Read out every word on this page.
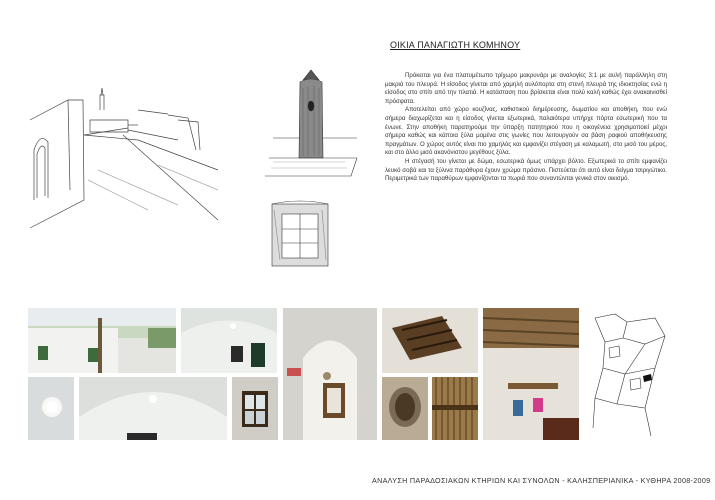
ΟΙΚΙΑ ΠΑΝΑΓΙΩΤΗ ΚΟΜΗΝΟΥ

Πρόκειται για ένα πλατυμέτωπο τρίχωρο μακρυνάρι με αναλογίες 3:1 με αυλή παράλληλη στη μακριά του πλευρά. Η είσοδος γίνεται από χαμηλή αυλόπορτα στη στενή πλευρά της ιδιοκτησίας ενώ η είσοδος στο σπίτι από την πλατιά. Η κατάσταση που βρίσκεται είναι πολύ καλή καθώς έχει ανακαινισθεί πρόσφατα.

Αποτελείται από χώρο κουζίνας, καθιστικού διημέρευσης, δωματίου και αποθήκη, που ενώ σήμερα διαχωρίζεται και η είσοδος γίνεται εξωτερικά, παλαιότερα υπήρχε πόρτα εσωτερική που τα ένωνε. Στην αποθήκη παρατηρούμε την ύπαρξη πατητηριού που η οικογένεια χρησιμοποιεί μέχρι σήμερα καθώς και κάποια ξύλα μομένα στις γωνίες που λειτουργούν σα βάση ραφιού αποθήκευσης πραγμάτων. Ο χώρος αυτός είναι πιο χαμηλός και εμφανίζει στέγαση με καλαμωτή, στο μισό του μέρος, και στο άλλο μισό ακανόνιστου μεγέθους ξύλα.

Η στέγασή του γίνεται με δώμα, εσωτερικά όμως υπάρχει βόλτο. Εξωτερικά το σπίτι εμφανίζει λευκό σοβά και τα ξύλινα παράθυρα έχουν χρώμα πράσινο. Πιστεύεται ότι αυτό είναι δείγμα τσιριγώτικο. Περιμετρικά των παραθύρων εμφανίζονται τα πωριά που συναντώνται γενικά στον οικισμό.

ΑΝΑΛΥΣΗ ΠΑΡΑΔΟΣΙΑΚΩΝ ΚΤΗΡΙΩΝ ΚΑΙ ΣΥΝΟΛΩΝ - ΚΑΛΗΣΠΕΡΙΑΝΙΚΑ - ΚΥΘΗΡΑ 2008-2009
